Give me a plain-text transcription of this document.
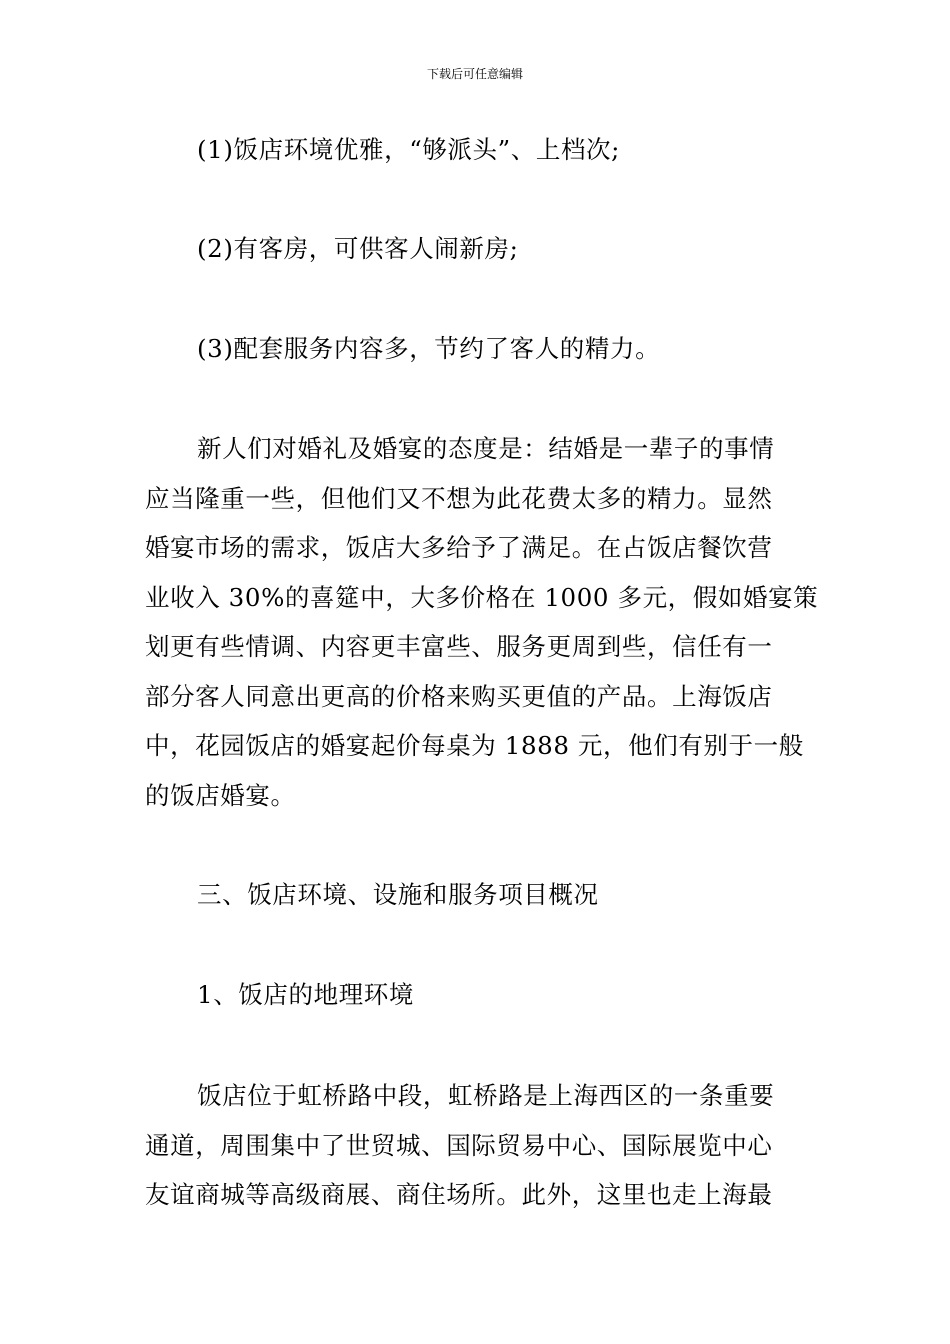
下载后可任意编辑
(1)饭店环境优雅，“够派头”、上档次;
(2)有客房，可供客人闹新房;
(3)配套服务内容多，节约了客人的精力。
新人们对婚礼及婚宴的态度是：结婚是一辈子的事情
应当隆重一些，但他们又不想为此花费太多的精力。显然
婚宴市场的需求，饭店大多给予了满足。在占饭店餐饮营
业收入 30%的喜筵中，大多价格在 1000 多元，假如婚宴策
划更有些情调、内容更丰富些、服务更周到些，信任有一
部分客人同意出更高的价格来购买更值的产品。上海饭店
中，花园饭店的婚宴起价每桌为 1888 元，他们有别于一般
的饭店婚宴。
三、饭店环境、设施和服务项目概况
1、饭店的地理环境
饭店位于虹桥路中段，虹桥路是上海西区的一条重要
通道，周围集中了世贸城、国际贸易中心、国际展览中心
友谊商城等高级商展、商住场所。此外，这里也走上海最
